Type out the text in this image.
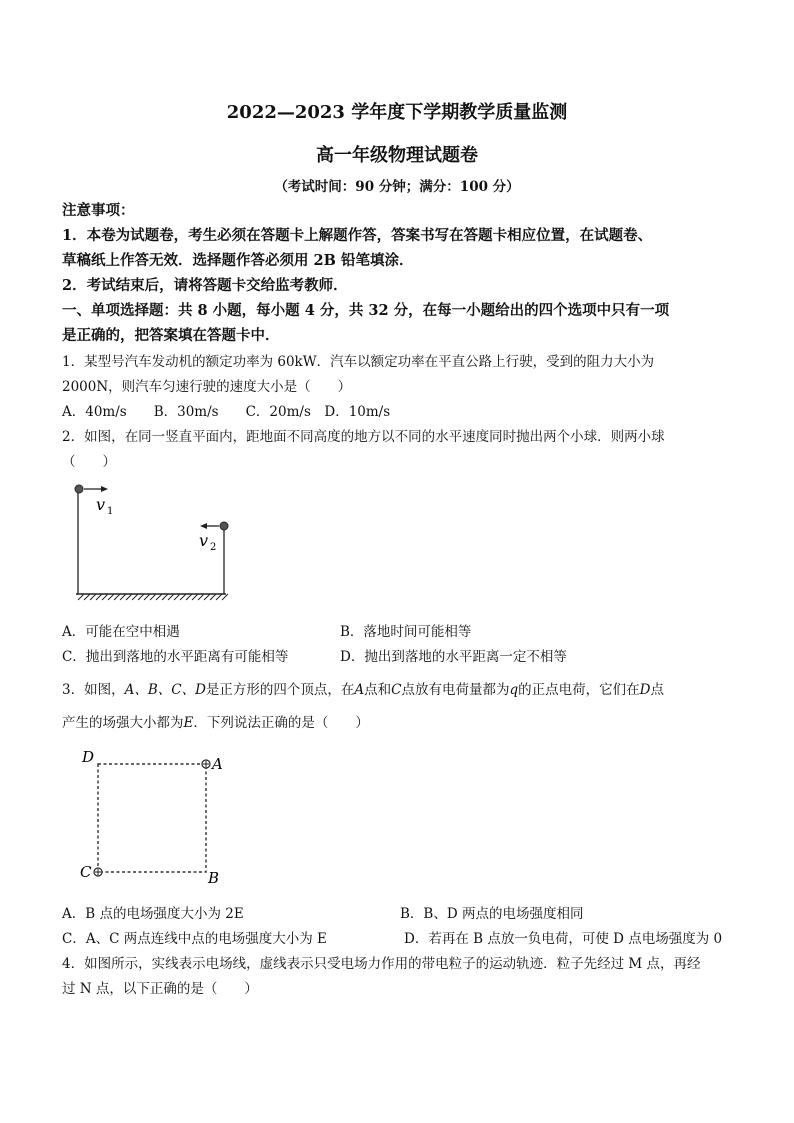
2022—2023 学年度下学期教学质量监测
高一年级物理试题卷
（考试时间：90 分钟；满分：100 分）
注意事项：
1．本卷为试题卷，考生必须在答题卡上解题作答，答案书写在答题卡相应位置，在试题卷、
草稿纸上作答无效．选择题作答必须用 2B 铅笔填涂．
2．考试结束后，请将答题卡交给监考教师．
一、单项选择题：共 8 小题，每小题 4 分，共 32 分，在每一小题给出的四个选项中只有一项
是正确的，把答案填在答题卡中．
1．某型号汽车发动机的额定功率为 60kW．汽车以额定功率在平直公路上行驶，受到的阻力大小为
2000N，则汽车匀速行驶的速度大小是（　　）
A．40m/s　　B．30m/s　　C．20m/s　D．10m/s
2．如图，在同一竖直平面内，距地面不同高度的地方以不同的水平速度同时抛出两个小球．则两小球
（　　）
v 1
v 2
A．可能在空中相遇	B．落地时间可能相等
C．抛出到落地的水平距离有可能相等	D．抛出到落地的水平距离一定不相等
3．如图，A、B、C、D是正方形的四个顶点，在A点和C点放有电荷量都为q的正点电荷，它们在D点
产生的场强大小都为E．下列说法正确的是（　　）
D	A
C	B
A．B 点的电场强度大小为 2E	B．B、D 两点的电场强度相同
C．A、C 两点连线中点的电场强度大小为 E	D．若再在 B 点放一负电荷，可使 D 点电场强度为 0
4．如图所示，实线表示电场线，虚线表示只受电场力作用的带电粒子的运动轨迹．粒子先经过 M 点，再经
过 N 点，以下正确的是（　　）
